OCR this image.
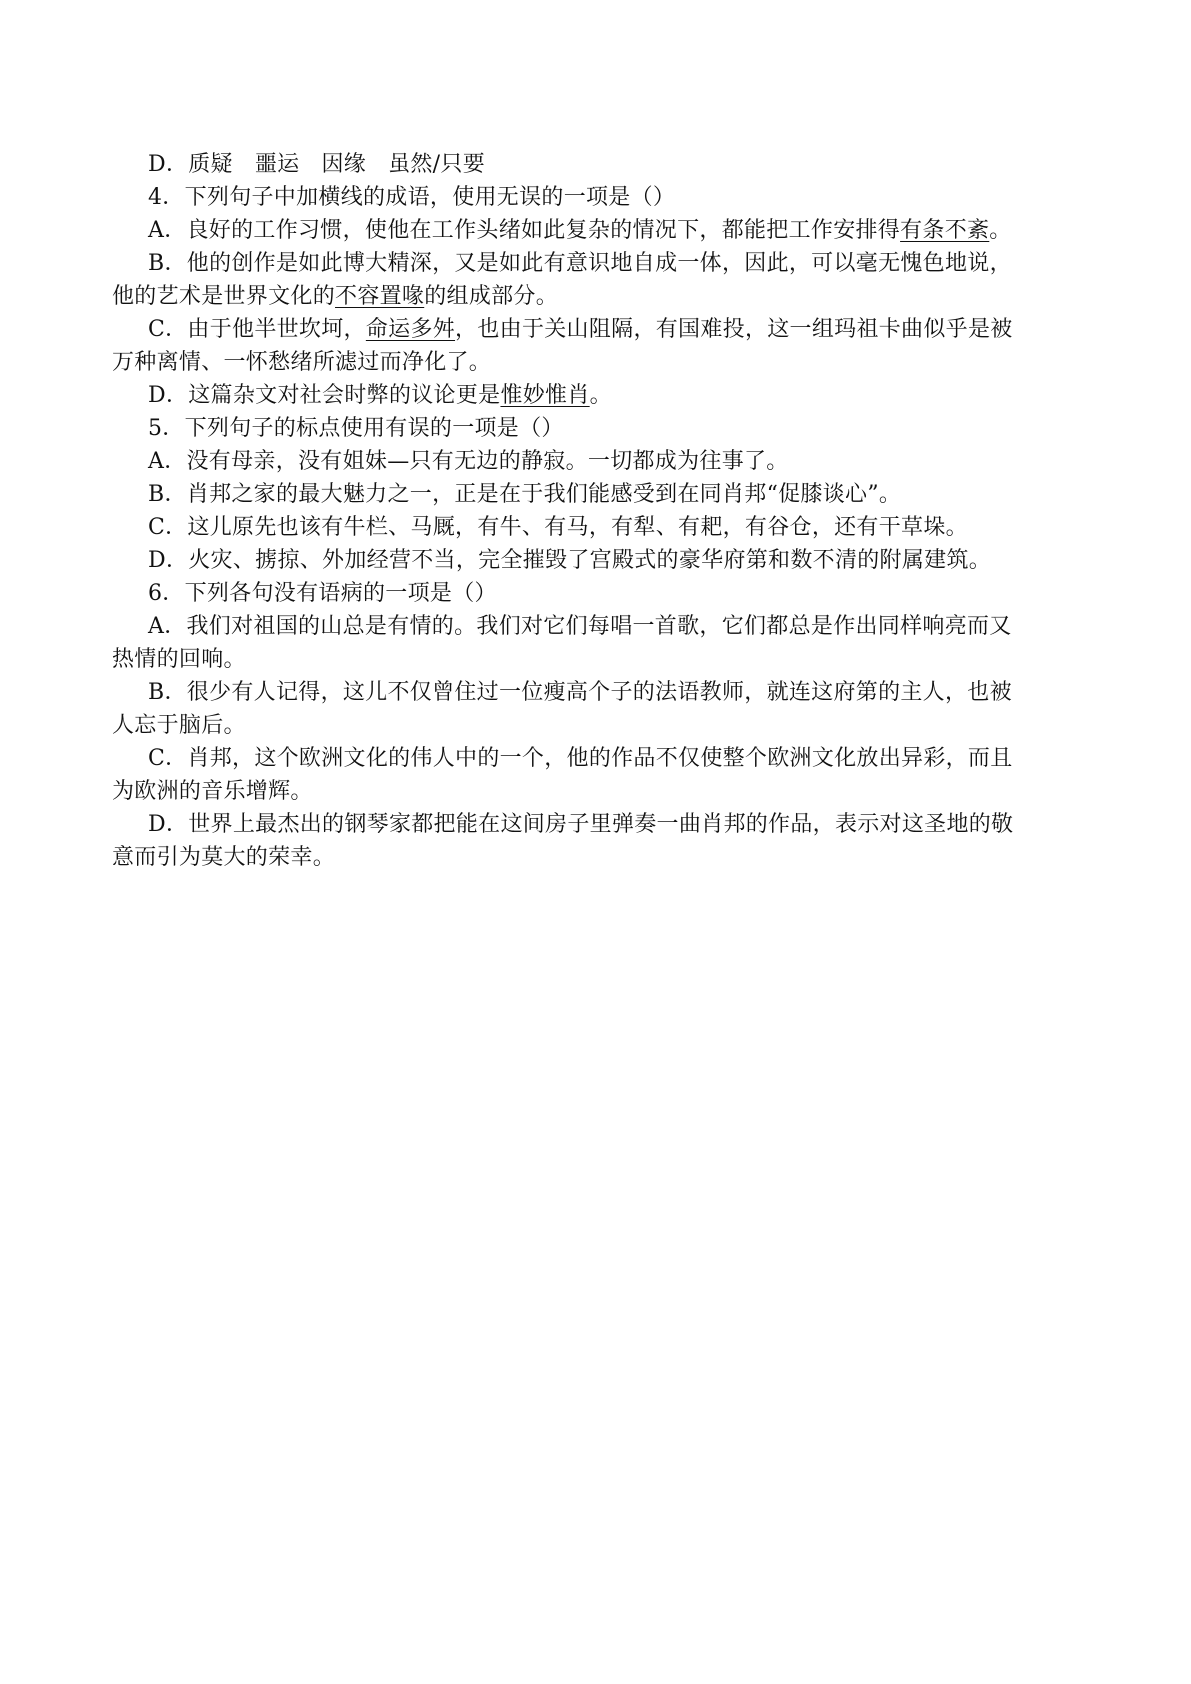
D．质疑 噩运 因缘 虽然/只要
4．下列句子中加横线的成语，使用无误的一项是（）
A．良好的工作习惯，使他在工作头绪如此复杂的情况下，都能把工作安排得有条不紊。
B．他的创作是如此博大精深，又是如此有意识地自成一体，因此，可以毫无愧色地说，
他的艺术是世界文化的不容置喙的组成部分。
C．由于他半世坎坷，命运多舛，也由于关山阻隔，有国难投，这一组玛祖卡曲似乎是被
万种离情、一怀愁绪所滤过而净化了。
D．这篇杂文对社会时弊的议论更是惟妙惟肖。
5．下列句子的标点使用有误的一项是（）
A．没有母亲，没有姐妹—只有无边的静寂。一切都成为往事了。
B．肖邦之家的最大魅力之一，正是在于我们能感受到在同肖邦“促膝谈心”。
C．这儿原先也该有牛栏、马厩，有牛、有马，有犁、有耙，有谷仓，还有干草垛。
D．火灾、掳掠、外加经营不当，完全摧毁了宫殿式的豪华府第和数不清的附属建筑。
6．下列各句没有语病的一项是（）
A．我们对祖国的山总是有情的。我们对它们每唱一首歌，它们都总是作出同样响亮而又
热情的回响。
B．很少有人记得，这儿不仅曾住过一位瘦高个子的法语教师，就连这府第的主人，也被
人忘于脑后。
C．肖邦，这个欧洲文化的伟人中的一个，他的作品不仅使整个欧洲文化放出异彩，而且
为欧洲的音乐增辉。
D．世界上最杰出的钢琴家都把能在这间房子里弹奏一曲肖邦的作品，表示对这圣地的敬
意而引为莫大的荣幸。
